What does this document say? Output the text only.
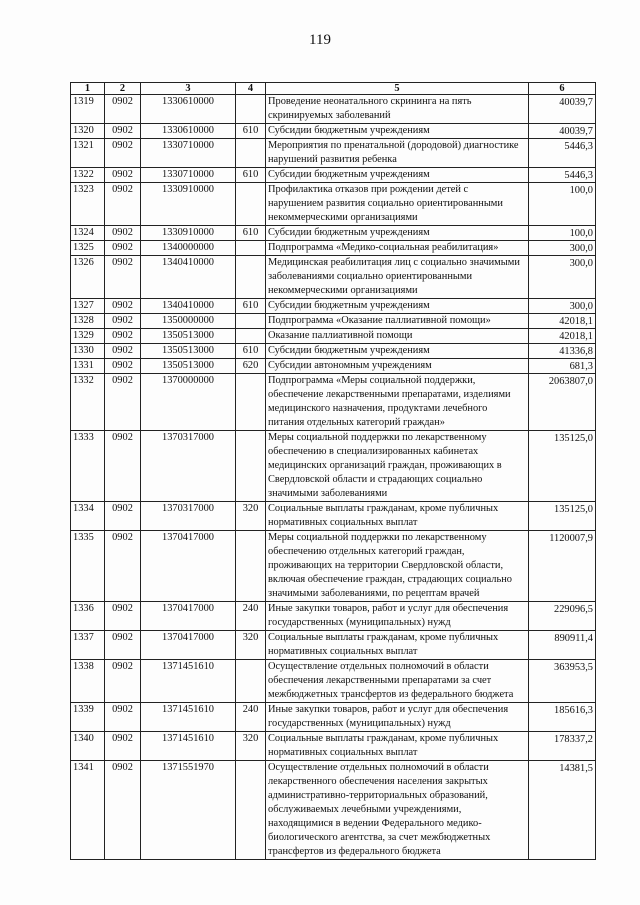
119
1	2	3	4	5	6
1319	0902	1330610000		Проведение неонатального скрининга на пять скринируемых заболеваний	40039,7
1320	0902	1330610000	610	Субсидии бюджетным учреждениям	40039,7
1321	0902	1330710000		Мероприятия по пренатальной (дородовой) диагностике нарушений развития ребенка	5446,3
1322	0902	1330710000	610	Субсидии бюджетным учреждениям	5446,3
1323	0902	1330910000		Профилактика отказов при рождении детей с нарушением развития социально ориентированными некоммерческими организациями	100,0
1324	0902	1330910000	610	Субсидии бюджетным учреждениям	100,0
1325	0902	1340000000		Подпрограмма «Медико-социальная реабилитация»	300,0
1326	0902	1340410000		Медицинская реабилитация лиц с социально значимыми заболеваниями социально ориентированными некоммерческими организациями	300,0
1327	0902	1340410000	610	Субсидии бюджетным учреждениям	300,0
1328	0902	1350000000		Подпрограмма «Оказание паллиативной помощи»	42018,1
1329	0902	1350513000		Оказание паллиативной помощи	42018,1
1330	0902	1350513000	610	Субсидии бюджетным учреждениям	41336,8
1331	0902	1350513000	620	Субсидии автономным учреждениям	681,3
1332	0902	1370000000		Подпрограмма «Меры социальной поддержки, обеспечение лекарственными препаратами, изделиями медицинского назначения, продуктами лечебного питания отдельных категорий граждан»	2063807,0
1333	0902	1370317000		Меры социальной поддержки по лекарственному обеспечению в специализированных кабинетах медицинских организаций граждан, проживающих в Свердловской области и страдающих социально значимыми заболеваниями	135125,0
1334	0902	1370317000	320	Социальные выплаты гражданам, кроме публичных нормативных социальных выплат	135125,0
1335	0902	1370417000		Меры социальной поддержки по лекарственному обеспечению отдельных категорий граждан, проживающих на территории Свердловской области, включая обеспечение граждан, страдающих социально значимыми заболеваниями, по рецептам врачей	1120007,9
1336	0902	1370417000	240	Иные закупки товаров, работ и услуг для обеспечения государственных (муниципальных) нужд	229096,5
1337	0902	1370417000	320	Социальные выплаты гражданам, кроме публичных нормативных социальных выплат	890911,4
1338	0902	1371451610		Осуществление отдельных полномочий в области обеспечения лекарственными препаратами за счет межбюджетных трансфертов из федерального бюджета	363953,5
1339	0902	1371451610	240	Иные закупки товаров, работ и услуг для обеспечения государственных (муниципальных) нужд	185616,3
1340	0902	1371451610	320	Социальные выплаты гражданам, кроме публичных нормативных социальных выплат	178337,2
1341	0902	1371551970		Осуществление отдельных полномочий в области лекарственного обеспечения населения закрытых административно-территориальных образований, обслуживаемых лечебными учреждениями, находящимися в ведении Федерального медико-биологического агентства, за счет межбюджетных трансфертов из федерального бюджета	14381,5
